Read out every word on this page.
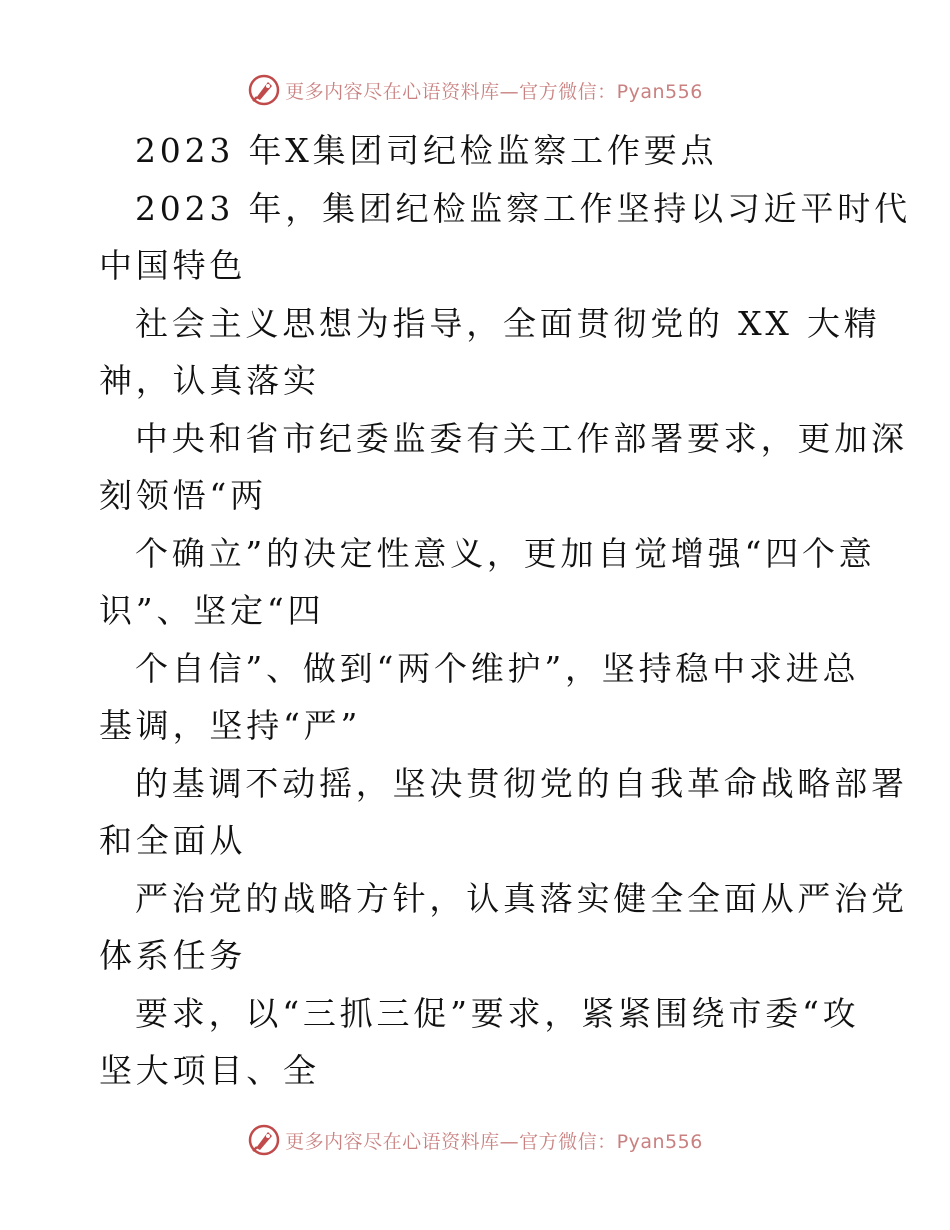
更多内容尽在心语资料库—官方微信：Pyan556
2023 年X集团司纪检监察工作要点
2023 年，集团纪检监察工作坚持以习近平时代
中国特色
社会主义思想为指导，全面贯彻党的 XX 大精
神，认真落实
中央和省市纪委监委有关工作部署要求，更加深
刻领悟“两
个确立”的决定性意义，更加自觉增强“四个意
识”、坚定“四
个自信”、做到“两个维护”，坚持稳中求进总
基调，坚持“严”
的基调不动摇，坚决贯彻党的自我革命战略部署
和全面从
严治党的战略方针，认真落实健全全面从严治党
体系任务
要求，以“三抓三促”要求，紧紧围绕市委“攻
坚大项目、全
更多内容尽在心语资料库—官方微信：Pyan556
